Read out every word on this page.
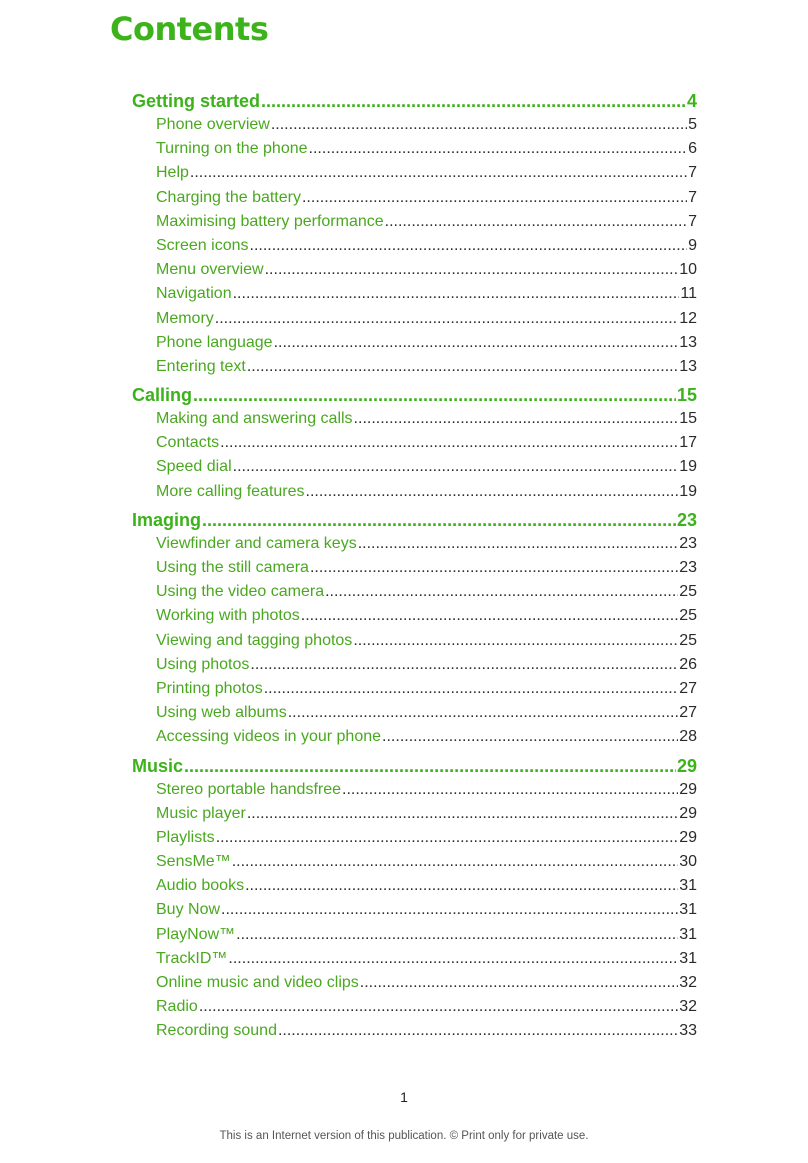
Contents
Getting started .....	4
Phone overview .....	5
Turning on the phone .....	6
Help .....	7
Charging the battery .....	7
Maximising battery performance .....	7
Screen icons .....	9
Menu overview .....	10
Navigation .....	11
Memory .....	12
Phone language .....	13
Entering text .....	13
Calling .....	15
Making and answering calls .....	15
Contacts .....	17
Speed dial .....	19
More calling features .....	19
Imaging .....	23
Viewfinder and camera keys .....	23
Using the still camera .....	23
Using the video camera .....	25
Working with photos .....	25
Viewing and tagging photos .....	25
Using photos .....	26
Printing photos .....	27
Using web albums .....	27
Accessing videos in your phone .....	28
Music .....	29
Stereo portable handsfree .....	29
Music player .....	29
Playlists .....	29
SensMe™ .....	30
Audio books .....	31
Buy Now .....	31
PlayNow™ .....	31
TrackID™ .....	31
Online music and video clips .....	32
Radio .....	32
Recording sound .....	33
1
This is an Internet version of this publication. © Print only for private use.
